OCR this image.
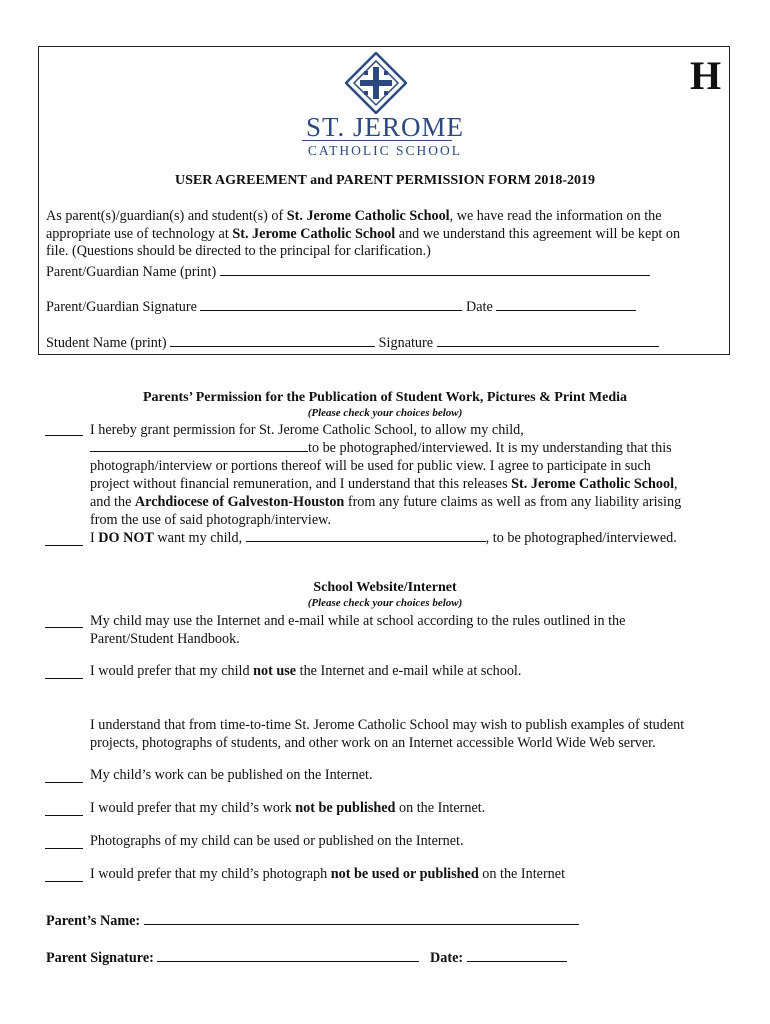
H
ST. JEROME
CATHOLIC SCHOOL
USER AGREEMENT and PARENT PERMISSION FORM 2018-2019
As parent(s)/guardian(s) and student(s) of St. Jerome Catholic School, we have read the information on the
appropriate use of technology at St. Jerome Catholic School and we understand this agreement will be kept on
file. (Questions should be directed to the principal for clarification.)
Parent/Guardian Name (print)
Parent/Guardian Signature	Date
Student Name (print)	Signature
Parents’ Permission for the Publication of Student Work, Pictures & Print Media
(Please check your choices below)
I hereby grant permission for St. Jerome Catholic School, to allow my child,
to be photographed/interviewed. It is my understanding that this
photograph/interview or portions thereof will be used for public view. I agree to participate in such
project without financial remuneration, and I understand that this releases St. Jerome Catholic School,
and the Archdiocese of Galveston-Houston from any future claims as well as from any liability arising
from the use of said photograph/interview.
I DO NOT want my child,	, to be photographed/interviewed.
School Website/Internet
(Please check your choices below)
My child may use the Internet and e-mail while at school according to the rules outlined in the
Parent/Student Handbook.
I would prefer that my child not use the Internet and e-mail while at school.
I understand that from time-to-time St. Jerome Catholic School may wish to publish examples of student
projects, photographs of students, and other work on an Internet accessible World Wide Web server.
My child’s work can be published on the Internet.
I would prefer that my child’s work not be published on the Internet.
Photographs of my child can be used or published on the Internet.
I would prefer that my child’s photograph not be used or published on the Internet
Parent’s Name:
Parent Signature:	Date:
